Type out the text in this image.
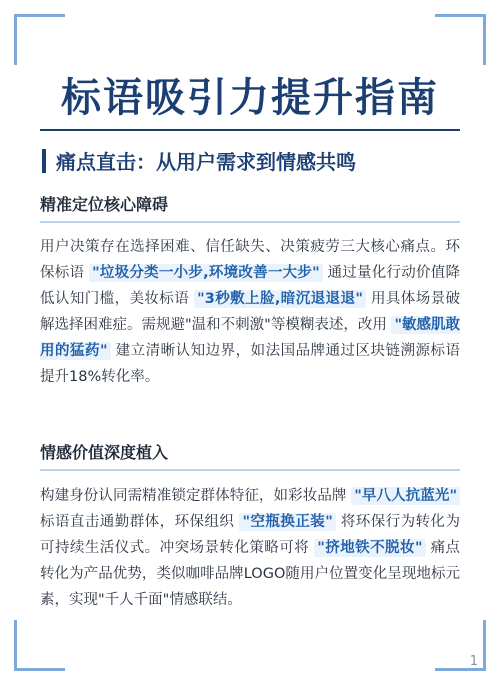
标语吸引力提升指南
痛点直击：从用户需求到情感共鸣
精准定位核心障碍
用户决策存在选择困难、信任缺失、决策疲劳三大核心痛点。环保标语 "垃圾分类一小步,环境改善一大步" 通过量化行动价值降低认知门槛，美妆标语 "3秒敷上脸,暗沉退退退" 用具体场景破解选择困难症。需规避"温和不刺激"等模糊表述，改用 "敏感肌敢用的猛药" 建立清晰认知边界，如法国品牌通过区块链溯源标语提升18%转化率。
情感价值深度植入
构建身份认同需精准锁定群体特征，如彩妆品牌 "早八人抗蓝光" 标语直击通勤群体，环保组织 "空瓶换正装" 将环保行为转化为可持续生活仪式。冲突场景转化策略可将 "挤地铁不脱妆" 痛点转化为产品优势，类似咖啡品牌LOGO随用户位置变化呈现地标元素，实现"千人千面"情感联结。
1
